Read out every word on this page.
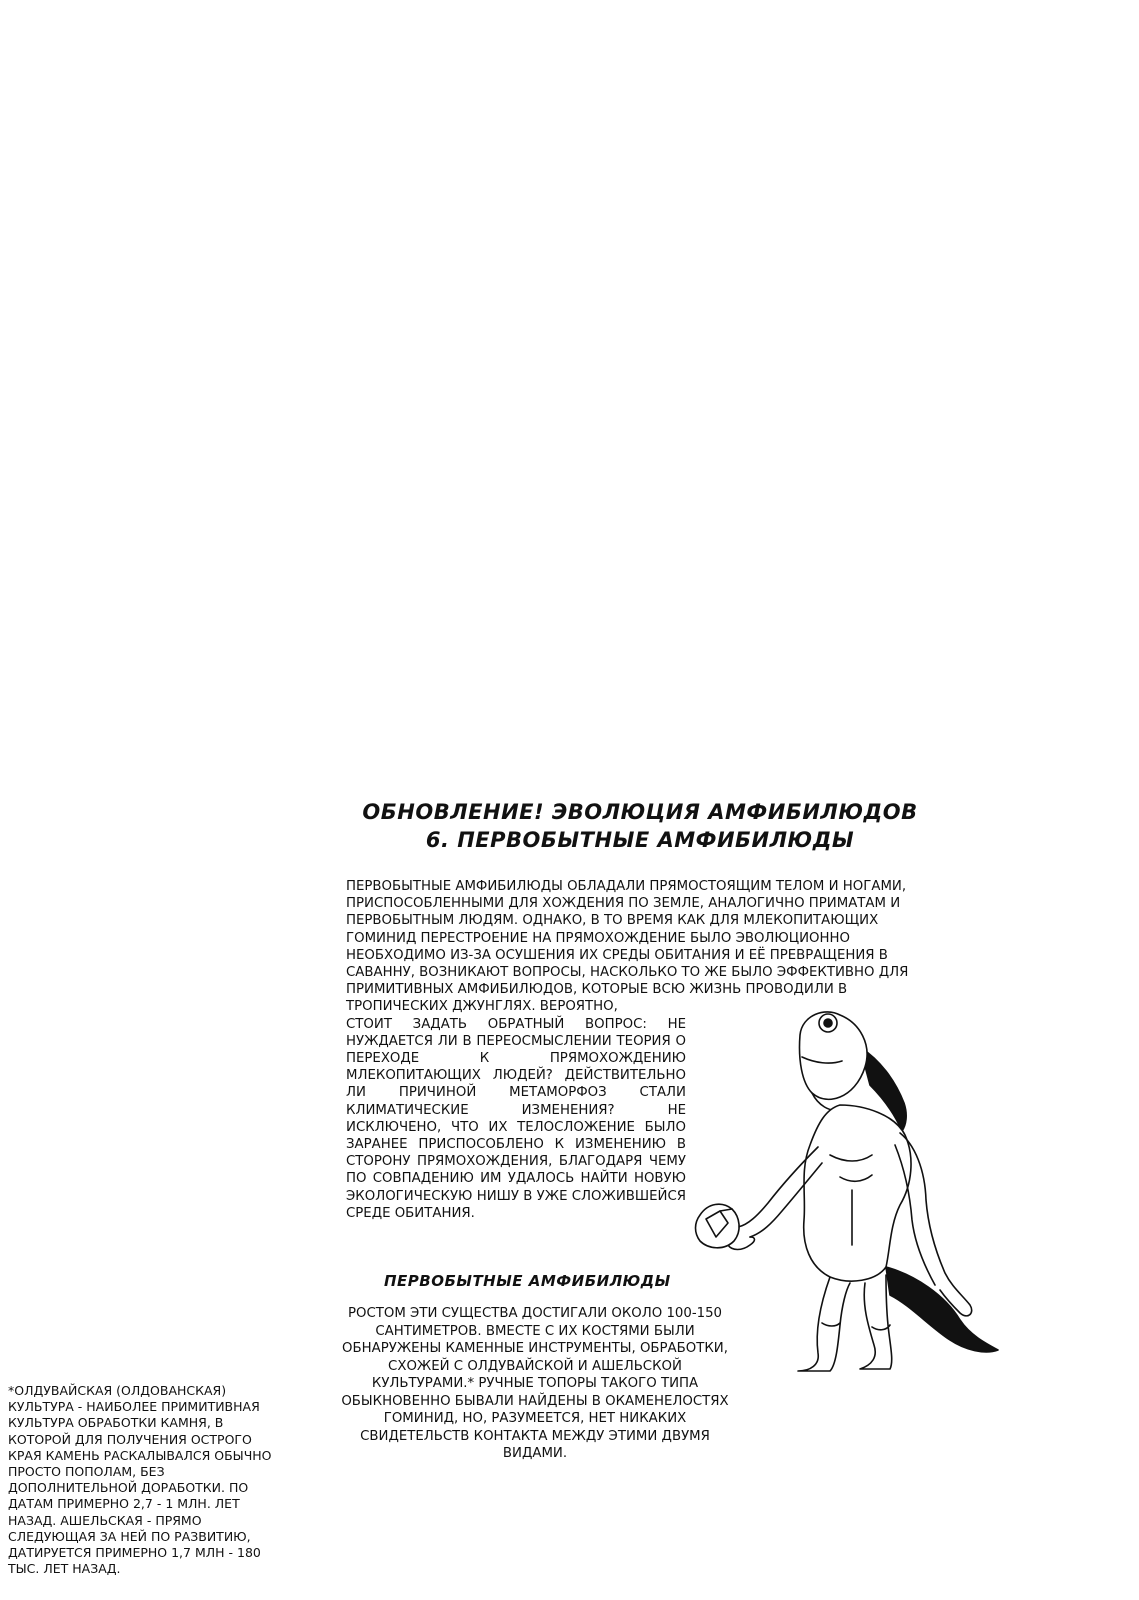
ОБНОВЛЕНИЕ! ЭВОЛЮЦИЯ АМФИБИЛЮДОВ
6. ПЕРВОБЫТНЫЕ АМФИБИЛЮДЫ
ПЕРВОБЫТНЫЕ АМФИБИЛЮДЫ ОБЛАДАЛИ ПРЯМОСТОЯЩИМ ТЕЛОМ И НОГАМИ,
ПРИСПОСОБЛЕННЫМИ ДЛЯ ХОЖДЕНИЯ ПО ЗЕМЛЕ, АНАЛОГИЧНО ПРИМАТАМ И
ПЕРВОБЫТНЫМ ЛЮДЯМ. ОДНАКО, В ТО ВРЕМЯ КАК ДЛЯ МЛЕКОПИТАЮЩИХ
ГОМИНИД ПЕРЕСТРОЕНИЕ НА ПРЯМОХОЖДЕНИЕ БЫЛО ЭВОЛЮЦИОННО
НЕОБХОДИМО ИЗ-ЗА ОСУШЕНИЯ ИХ СРЕДЫ ОБИТАНИЯ И ЕЁ ПРЕВРАЩЕНИЯ В
САВАННУ, ВОЗНИКАЮТ ВОПРОСЫ, НАСКОЛЬКО ТО ЖЕ БЫЛО ЭФФЕКТИВНО ДЛЯ
ПРИМИТИВНЫХ АМФИБИЛЮДОВ, КОТОРЫЕ ВСЮ ЖИЗНЬ ПРОВОДИЛИ В
ТРОПИЧЕСКИХ ДЖУНГЛЯХ. ВЕРОЯТНО,
СТОИТ ЗАДАТЬ ОБРАТНЫЙ ВОПРОС: НЕ НУЖДАЕТСЯ ЛИ В ПЕРЕОСМЫСЛЕНИИ ТЕОРИЯ О ПЕРЕХОДЕ К ПРЯМОХОЖДЕНИЮ МЛЕКОПИТАЮЩИХ ЛЮДЕЙ? ДЕЙСТВИТЕЛЬНО ЛИ ПРИЧИНОЙ МЕТАМОРФОЗ СТАЛИ КЛИМАТИЧЕСКИЕ ИЗМЕНЕНИЯ? НЕ ИСКЛЮЧЕНО, ЧТО ИХ ТЕЛОСЛОЖЕНИЕ БЫЛО ЗАРАНЕЕ ПРИСПОСОБЛЕНО К ИЗМЕНЕНИЮ В СТОРОНУ ПРЯМОХОЖДЕНИЯ, БЛАГОДАРЯ ЧЕМУ ПО СОВПАДЕНИЮ ИМ УДАЛОСЬ НАЙТИ НОВУЮ ЭКОЛОГИЧЕСКУЮ НИШУ В УЖЕ СЛОЖИВШЕЙСЯ СРЕДЕ ОБИТАНИЯ.
ПЕРВОБЫТНЫЕ АМФИБИЛЮДЫ
РОСТОМ ЭТИ СУЩЕСТВА ДОСТИГАЛИ ОКОЛО 100-150 САНТИМЕТРОВ. ВМЕСТЕ С ИХ КОСТЯМИ БЫЛИ ОБНАРУЖЕНЫ КАМЕННЫЕ ИНСТРУМЕНТЫ, ОБРАБОТКИ, СХОЖЕЙ С ОЛДУВАЙСКОЙ И АШЕЛЬСКОЙ КУЛЬТУРАМИ.* РУЧНЫЕ ТОПОРЫ ТАКОГО ТИПА ОБЫКНОВЕННО БЫВАЛИ НАЙДЕНЫ В ОКАМЕНЕЛОСТЯХ ГОМИНИД, НО, РАЗУМЕЕТСЯ, НЕТ НИКАКИХ СВИДЕТЕЛЬСТВ КОНТАКТА МЕЖДУ ЭТИМИ ДВУМЯ ВИДАМИ.
*ОЛДУВАЙСКАЯ (ОЛДОВАНСКАЯ) КУЛЬТУРА - НАИБОЛЕЕ ПРИМИТИВНАЯ КУЛЬТУРА ОБРАБОТКИ КАМНЯ, В КОТОРОЙ ДЛЯ ПОЛУЧЕНИЯ ОСТРОГО КРАЯ КАМЕНЬ РАСКАЛЫВАЛСЯ ОБЫЧНО ПРОСТО ПОПОЛАМ, БЕЗ ДОПОЛНИТЕЛЬНОЙ ДОРАБОТКИ. ПО ДАТАМ ПРИМЕРНО 2,7 - 1 МЛН. ЛЕТ НАЗАД. АШЕЛЬСКАЯ - ПРЯМО СЛЕДУЮЩАЯ ЗА НЕЙ ПО РАЗВИТИЮ, ДАТИРУЕТСЯ ПРИМЕРНО 1,7 МЛН - 180 ТЫС. ЛЕТ НАЗАД.
